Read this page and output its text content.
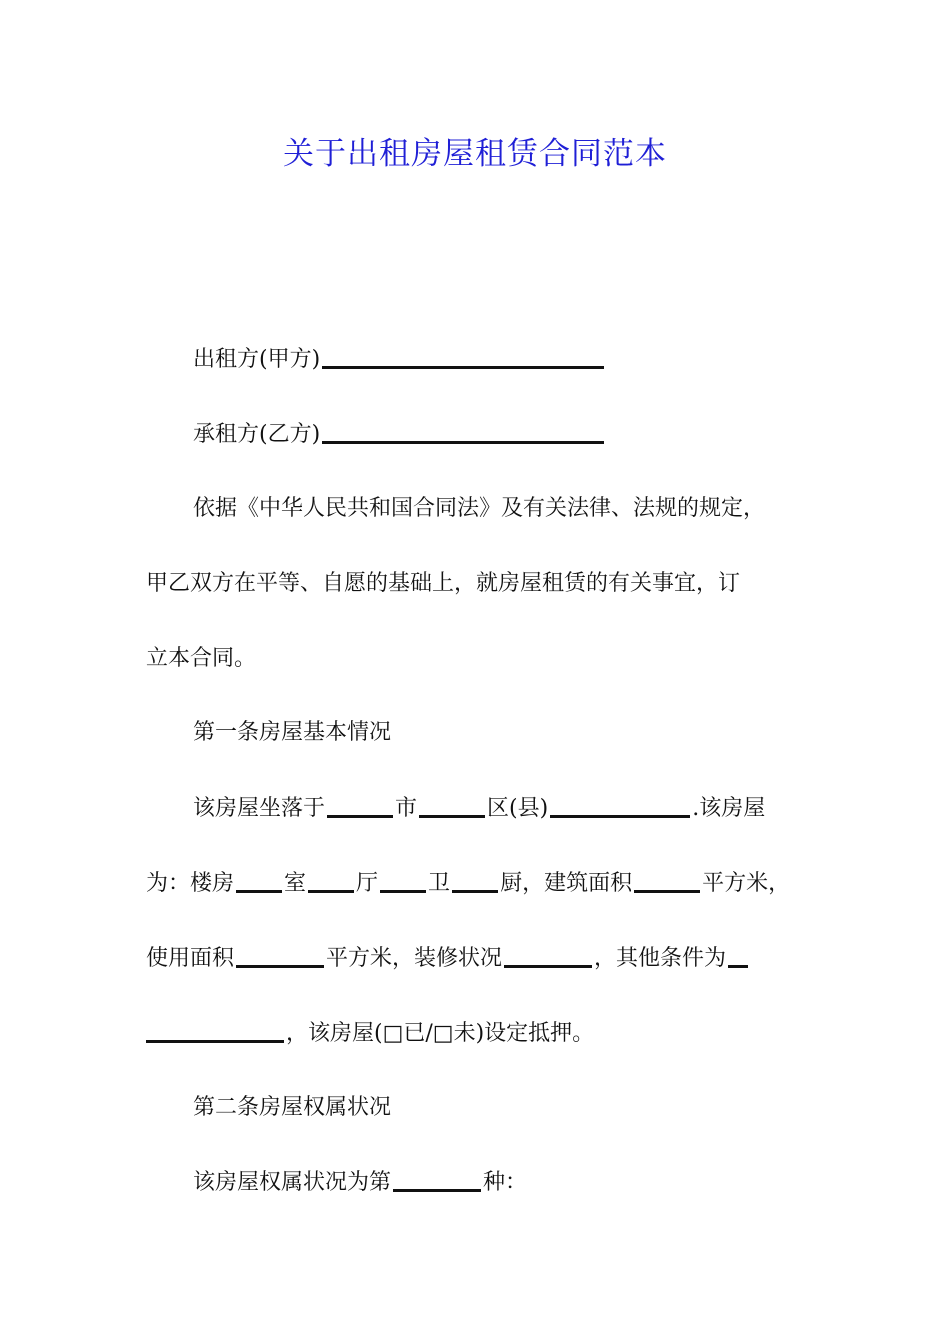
关于出租房屋租赁合同范本
出租方(甲方)
承租方(乙方)
依据《中华人民共和国合同法》及有关法律、法规的规定，
甲乙双方在平等、自愿的基础上，就房屋租赁的有关事宜，订
立本合同。
第一条房屋基本情况
该房屋坐落于	市	区(县)	.该房屋
为：楼房 室 厅 卫 厨，建筑面积	平方米，
使用面积	平方米，装修状况	，其他条件为
，该房屋(□已/□未)设定抵押。
第二条房屋权属状况
该房屋权属状况为第	种：
